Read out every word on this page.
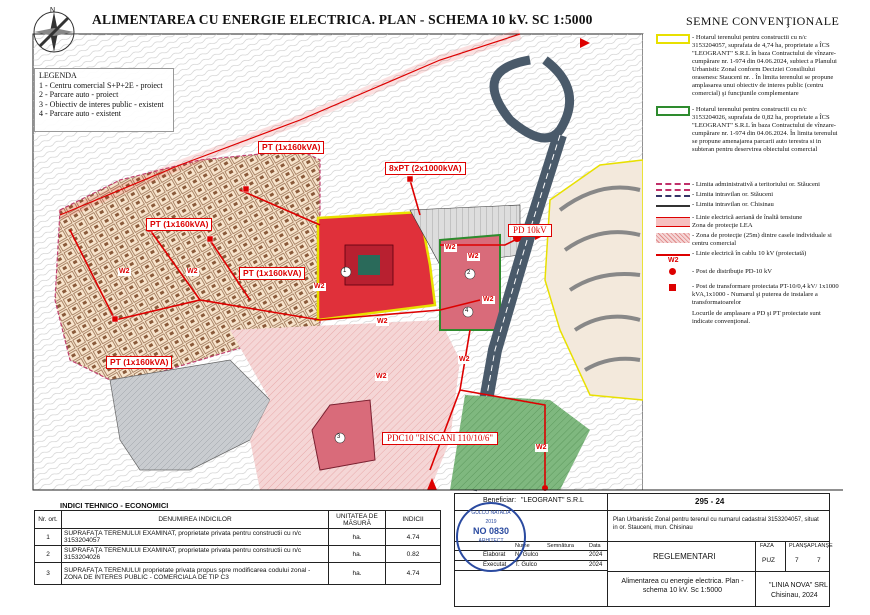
N
ALIMENTAREA CU ENERGIE ELECTRICA. PLAN - SCHEMA 10 kV. SC 1:5000
LEGENDA
1 - Centru comercial S+P+2E - proiect
2 - Parcare auto - proiect
3 - Obiectiv de interes public - existent
4 - Parcare auto - existent
PT (1x160kVA)
8xPT (2x1000kVA)
PT (1x160kVA)
PT (1x160kVA)
PT (1x160kVA)
PD 10kV
PDC10 "RISCANI 110/10/6"
W2
W2
W2
W2
W2
W2
W2
W2	W2
W2
1	2
3
4
SEMNE CONVENŢIONALE
- Hotarul terenului pentru constructii cu n/c 3153204057, suprafata de 4,74 ha, proprietate a ÎCS "LEOGRANT" S.R.L în baza Contractului de vînzare-cumpărare nr. 1-974 din 04.06.2024, subiect a Planului Urbanistic Zonal conform Deciziei Consiliului orasenesc Stauceni nr. . În limita terenului se propune amplasarea unui obiectiv de interes public (centru comercial) şi funcţiunile complementare
- Hotarul terenului pentru constructii cu n/c 3153204026, suprafata de 0,82 ha, proprietate a ÎCS "LEOGRANT" S.R.L în baza Contractului de vînzare-cumpărare nr. 1-974 din 04.06.2024. În limita terenului se propune amenajarea parcarii auto terestra si in subteran pentru deservirea obiectului comercial
- Limita administrativă a teritoriului or. Stăuceni
- Limita intravilan or. Stăuceni
- Limita intravilan or. Chisinau
- Linie electrică aeriană de înaltă tensiune
Zona de protecţie LEA
- Zona de protecţie (25m) dintre casele individuale si centru comercial
- Linie electrică în cablu 10 kV (proiectată)
W2
- Post de distribuţie PD-10 kV
- Post de transformare proiectata PT-10/0,4 kV/ 1x1000 kVA,1x1000 - Numarul şi puterea de instalare a transformatoarelor
Locurile de amplasare a PD şi PT proiectate sunt indicate convenţional.
INDICI TEHNICO - ECONOMICI
Nr. ort.	DENUMIREA INDICILOR	UNITATEA DE MĂSURĂ	INDICII
1	SUPRAFAŢA TERENULUI EXAMINAT, proprietate privata pentru constructii cu n/c 3153204057	ha.	4.74
2	SUPRAFAŢA TERENULUI EXAMINAT, proprietate privata pentru constructii cu n/c 3153204026	ha.	0.82
3	SUPRAFAŢA TERENULUI proprietate privata propus spre modificarea codului zonal - ZONA DE INTERES PUBLIC - COMERCIALA DE TIP C3	ha.	4.74
Beneficiar: "LEOGRANT" S.R.L	295 - 24
Plan Urbanistic Zonal pentru terenul cu numarul cadastral 3153204057, situat in or. Stauceni, mun. Chisinau
Nume	Semnătura	Data
Elaborat N. Gulco	2024
Executat T. Gulco	2024
REGLEMENTARI
FAZA	PLANŞA PLANŞE
PUZ	7	7
Alimentarea cu energie electrica. Plan - schema 10 kV. Sc 1:5000
"LINIA NOVA" SRL
Chisinau, 2024
GULCO NATALIA
2019
NO 0830
ARHITECT
